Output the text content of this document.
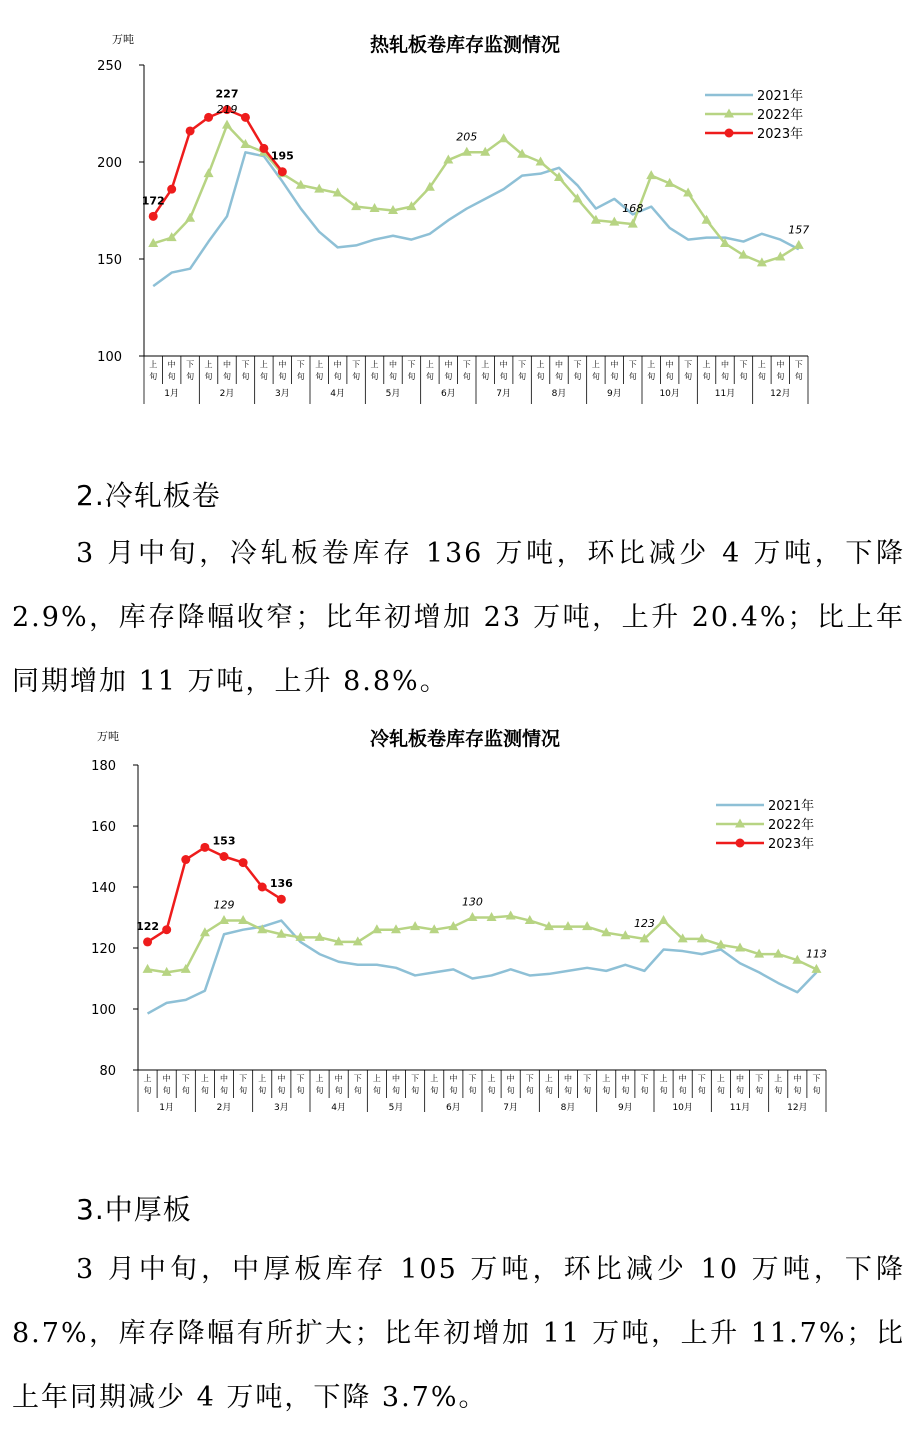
热轧板卷库存监测情况
万吨
100
150
200
250
上
旬
中
旬
下
旬
上
旬
中
旬
下
旬
上
旬
中
旬
下
旬
上
旬
中
旬
下
旬
上
旬
中
旬
下
旬
上
旬
中
旬
下
旬
上
旬
中
旬
下
旬
上
旬
中
旬
下
旬
上
旬
中
旬
下
旬
上
旬
中
旬
下
旬
上
旬
中
旬
下
旬
上
旬
中
旬
下
旬
1月	2月	3月	4月	5月	6月	7月	8月	9月	10月	11月	12月
172
227
195
219
205
168
157
2021年
2022年
2023年
2.冷轧板卷

3 月中旬，冷轧板卷库存 136 万吨，环比减少 4 万吨，下降 2.9%，库存降幅收窄；比年初增加 23 万吨，上升 20.4%；比上年同期增加 11 万吨，上升 8.8%。

冷轧板卷库存监测情况
万吨
80
100
120
140
160
180
上
旬
中
旬
下
旬
上
旬
中
旬
下
旬
上
旬
中
旬
下
旬
上
旬
中
旬
下
旬
上
旬
中
旬
下
旬
上
旬
中
旬
下
旬
上
旬
中
旬
下
旬
上
旬
中
旬
下
旬
上
旬
中
旬
下
旬
上
旬
中
旬
下
旬
上
旬
中
旬
下
旬
上
旬
中
旬
下
旬
1月	2月	3月	4月	5月	6月	7月	8月	9月	10月	11月	12月
122
153
136
129	130
123
113
2021年
2022年
2023年
3.中厚板

3 月中旬，中厚板库存 105 万吨，环比减少 10 万吨，下降 8.7%，库存降幅有所扩大；比年初增加 11 万吨，上升 11.7%；比上年同期减少 4 万吨，下降 3.7%。
